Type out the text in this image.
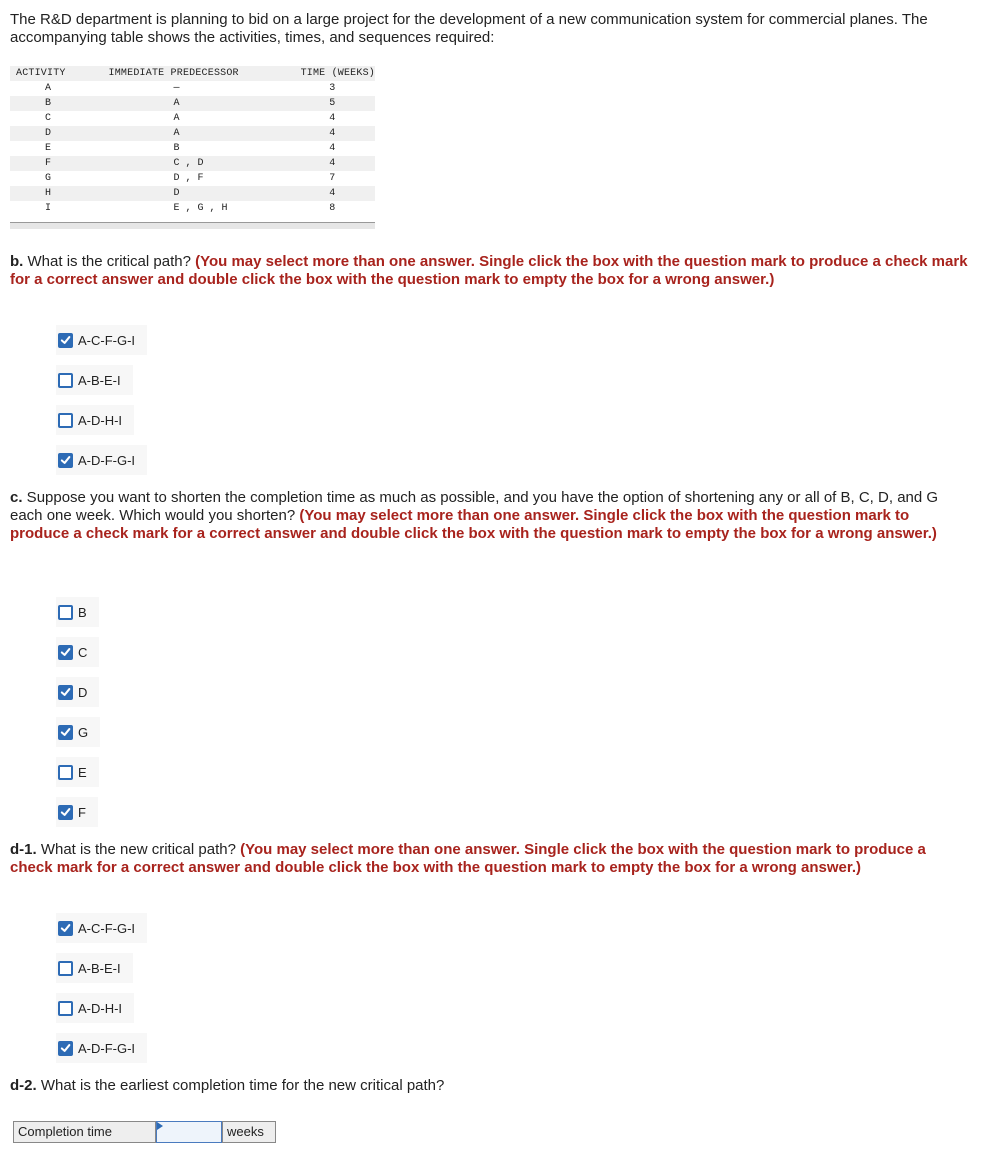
The R&D department is planning to bid on a large project for the development of a new communication system for commercial planes. The accompanying table shows the activities, times, and sequences required:

ACTIVITY	IMMEDIATE PREDECESSOR	TIME (WEEKS)
A	—	3
B	A	5
C	A	4
D	A	4
E	B	4
F	C , D	4
G	D , F	7
H	D	4
I	E , G , H	8

b. What is the critical path? (You may select more than one answer. Single click the box with the question mark to produce a check mark for a correct answer and double click the box with the question mark to empty the box for a wrong answer.)

A-C-F-G-I
A-B-E-I
A-D-H-I
A-D-F-G-I

c. Suppose you want to shorten the completion time as much as possible, and you have the option of shortening any or all of B, C, D, and G each one week. Which would you shorten? (You may select more than one answer. Single click the box with the question mark to produce a check mark for a correct answer and double click the box with the question mark to empty the box for a wrong answer.)

B
C
D
G
E
F

d-1. What is the new critical path? (You may select more than one answer. Single click the box with the question mark to produce a check mark for a correct answer and double click the box with the question mark to empty the box for a wrong answer.)

A-C-F-G-I
A-B-E-I
A-D-H-I
A-D-F-G-I

d-2. What is the earliest completion time for the new critical path?

Completion time	weeks
